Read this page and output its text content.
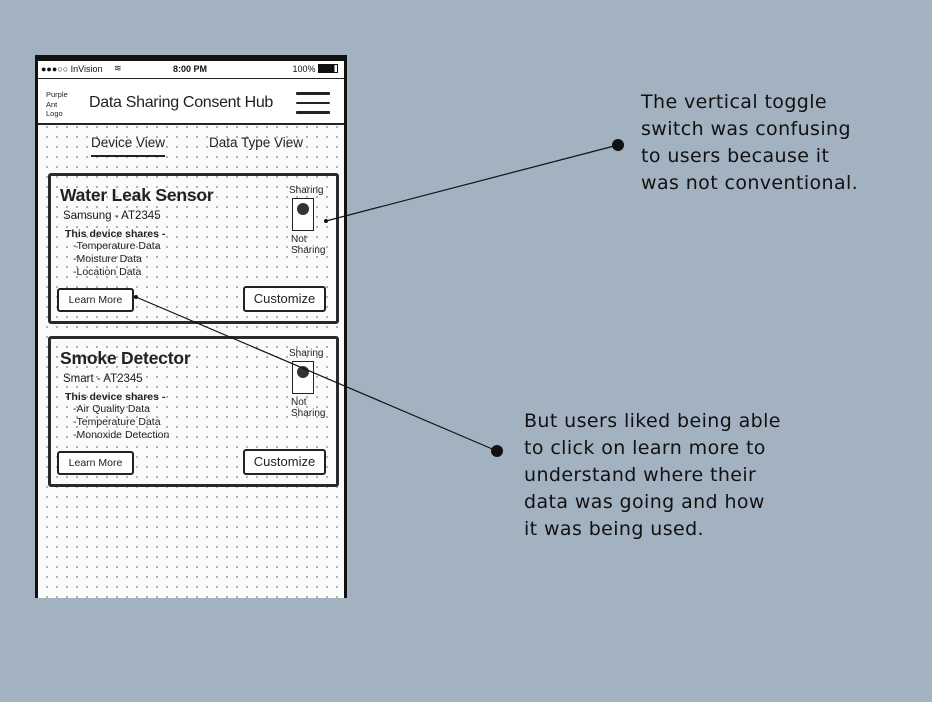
●●●○○ InVision ≋	8:00 PM	100%
Purple
Ant
Logo
Data Sharing Consent Hub
Device View	Data Type View
Water Leak Sensor
Samsung - AT2345
This device shares -
-Temperature Data
-Moisture Data
-Location Data
Sharing
Not
Sharing
Learn More	Customize
Smoke Detector
Smart - AT2345
This device shares -
-Air Quality Data
-Temperature Data
-Monoxide Detection
Sharing
Not
Sharing
Learn More	Customize
The vertical toggle
switch was confusing
to users because it
was not conventional.
But users liked being able
to click on learn more to
understand where their
data was going and how
it was being used.
